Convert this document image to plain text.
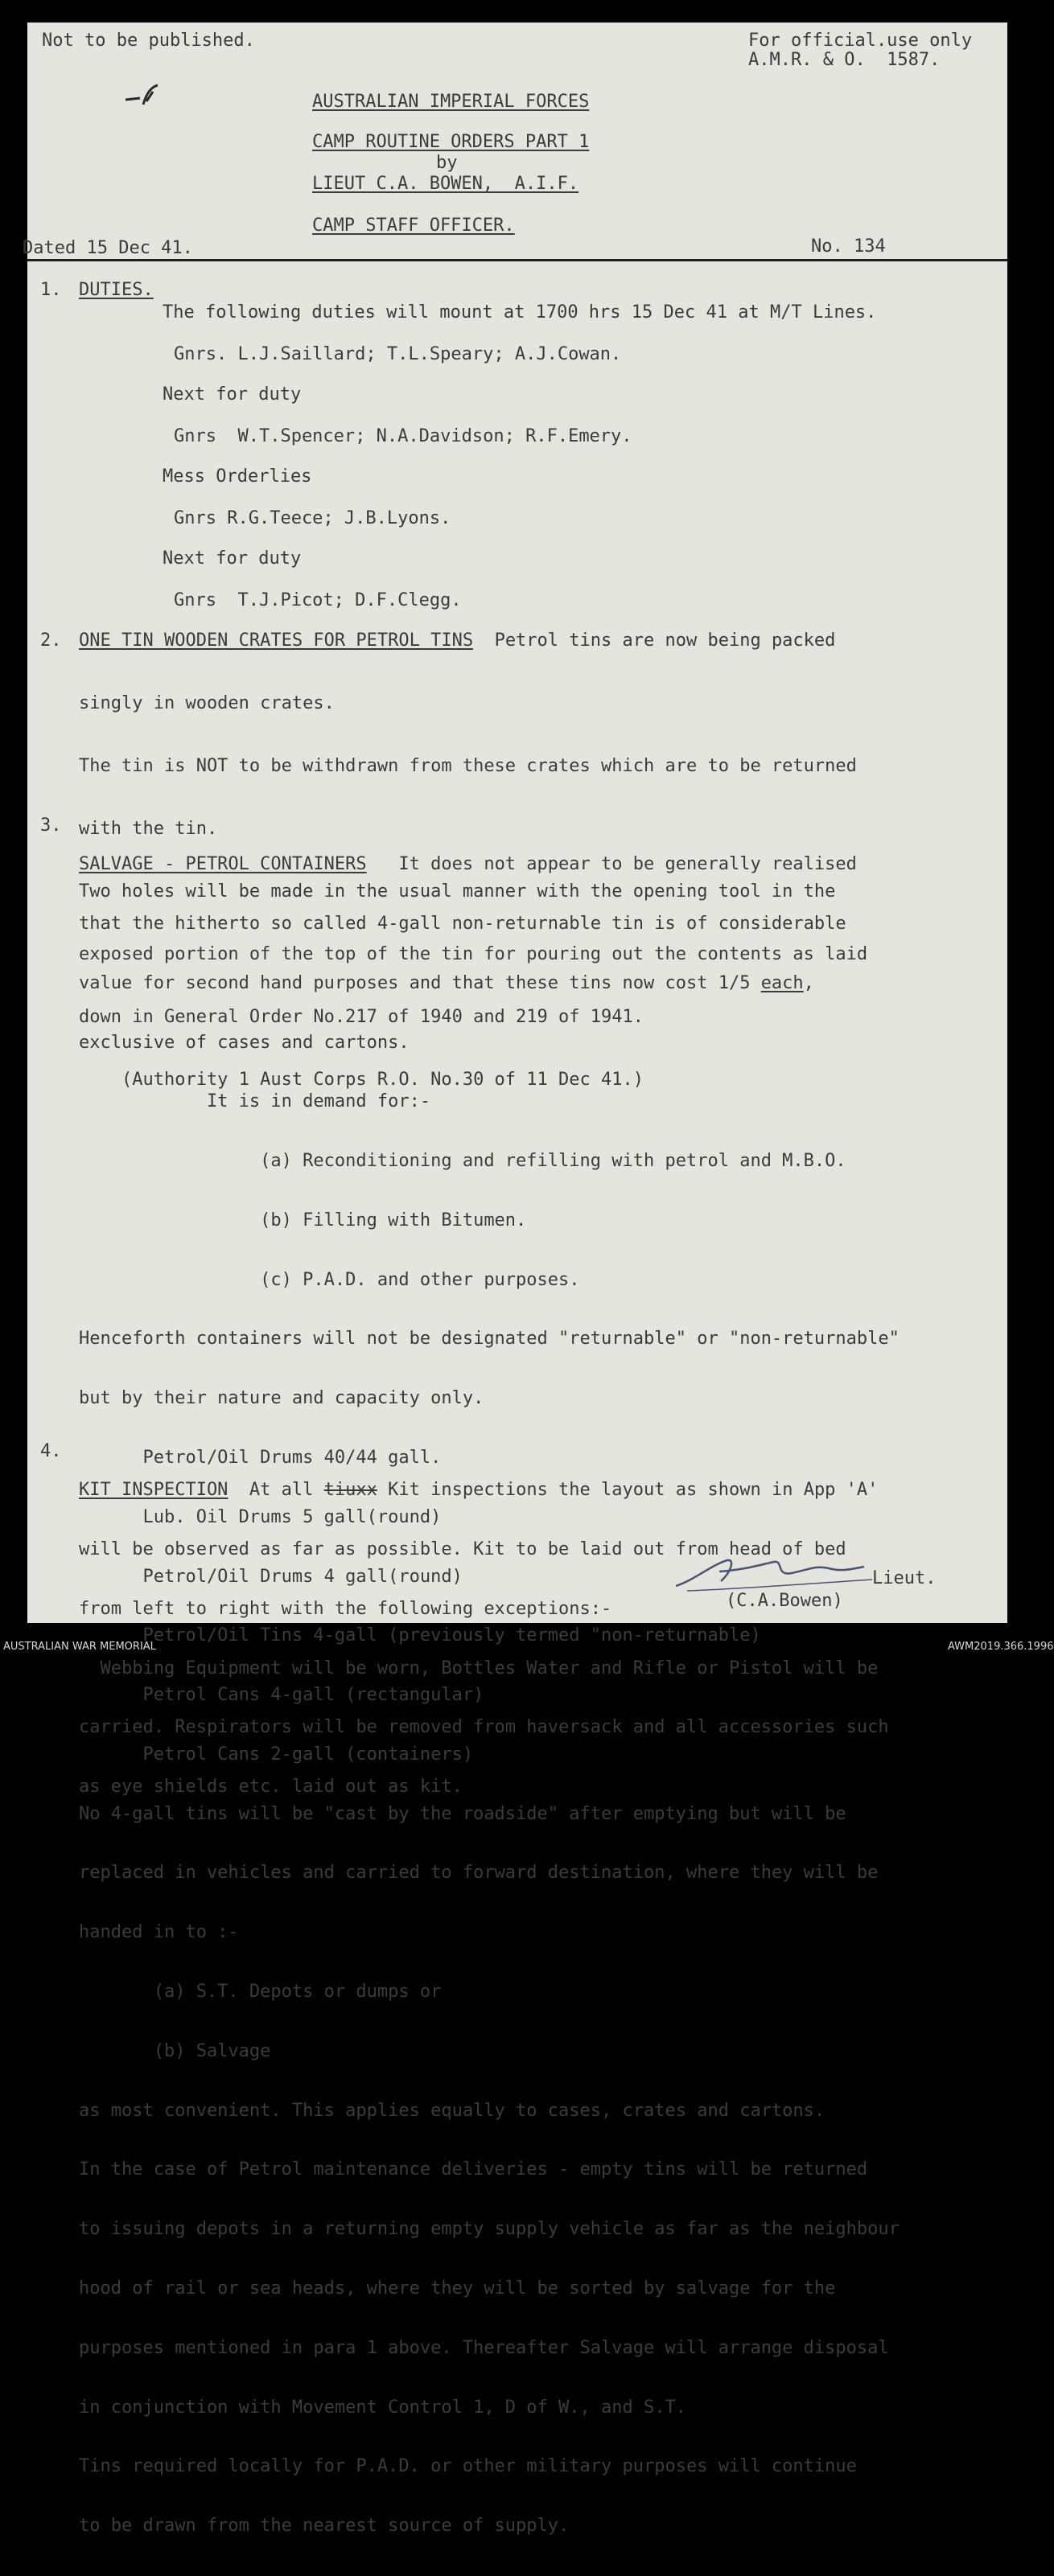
Not to be published.	For official.use only
A.M.R. & O.  1587.
AUSTRALIAN IMPERIAL FORCES
CAMP ROUTINE ORDERS PART 1
by
LIEUT C.A. BOWEN,  A.I.F.
CAMP STAFF OFFICER.
Dated 15 Dec 41.	No. 134
1. DUTIES.
The following duties will mount at 1700 hrs 15 Dec 41 at M/T Lines.
Gnrs. L.J.Saillard; T.L.Speary; A.J.Cowan.
Next for duty
Gnrs  W.T.Spencer; N.A.Davidson; R.F.Emery.
Mess Orderlies
Gnrs R.G.Teece; J.B.Lyons.
Next for duty
Gnrs  T.J.Picot; D.F.Clegg.
2. ONE TIN WOODEN CRATES FOR PETROL TINS  Petrol tins are now being packed

singly in wooden crates.

The tin is NOT to be withdrawn from these crates which are to be returned

with the tin.

Two holes will be made in the usual manner with the opening tool in the

exposed portion of the top of the tin for pouring out the contents as laid

down in General Order No.217 of 1940 and 219 of 1941.

(Authority 1 Aust Corps R.O. No.30 of 11 Dec 41.)

3.

SALVAGE - PETROL CONTAINERS   It does not appear to be generally realised

that the hitherto so called 4-gall non-returnable tin is of considerable

value for second hand purposes and that these tins now cost 1/5 each,

exclusive of cases and cartons.

It is in demand for:-

(a) Reconditioning and refilling with petrol and M.B.O.

(b) Filling with Bitumen.

(c) P.A.D. and other purposes.

Henceforth containers will not be designated "returnable" or "non-returnable"

but by their nature and capacity only.

Petrol/Oil Drums 40/44 gall.

Lub. Oil Drums 5 gall(round)

Petrol/Oil Drums 4 gall(round)

Petrol/Oil Tins 4-gall (previously termed "non-returnable)

Petrol Cans 4-gall (rectangular)

Petrol Cans 2-gall (containers)

No 4-gall tins will be "cast by the roadside" after emptying but will be

replaced in vehicles and carried to forward destination, where they will be

handed in to :-

(a) S.T. Depots or dumps or

(b) Salvage

as most convenient. This applies equally to cases, crates and cartons.

In the case of Petrol maintenance deliveries - empty tins will be returned

to issuing depots in a returning empty supply vehicle as far as the neighbour

hood of rail or sea heads, where they will be sorted by salvage for the

purposes mentioned in para 1 above. Thereafter Salvage will arrange disposal

in conjunction with Movement Control 1, D of W., and S.T.

Tins required locally for P.A.D. or other military purposes will continue

to be drawn from the nearest source of supply.

4.

KIT INSPECTION  At all tiuxx Kit inspections the layout as shown in App 'A'

will be observed as far as possible. Kit to be laid out from head of bed

from left to right with the following exceptions:-

Webbing Equipment will be worn, Bottles Water and Rifle or Pistol will be

carried. Respirators will be removed from haversack and all accessories such

as eye shields etc. laid out as kit.

Lieut.
(C.A.Bowen)
AUSTRALIAN WAR MEMORIAL	AWM2019.366.1996
